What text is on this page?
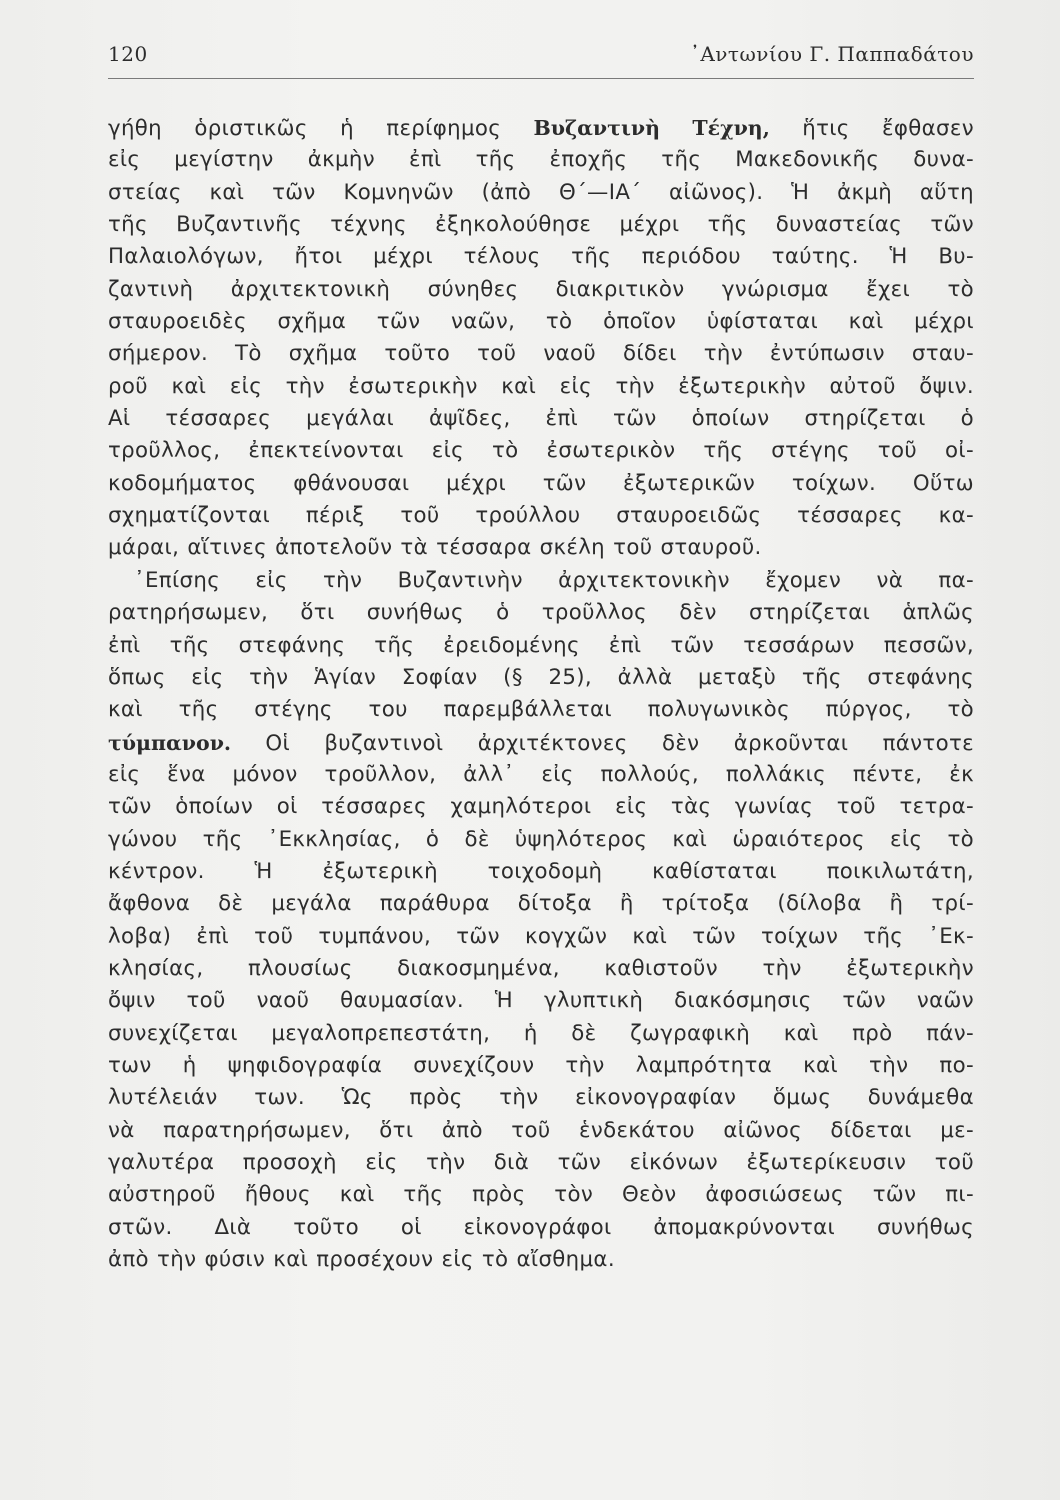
120	᾿Αντωνίου Γ. Παππαδάτου
γήθη ὁριστικῶς ἡ περίφημος Βυζαντινὴ Τέχνη, ἥτις ἔφθασεν
εἰς μεγίστην ἀκμὴν ἐπὶ τῆς ἐποχῆς τῆς Μακεδονικῆς δυνα-
στείας καὶ τῶν Κομνηνῶν (ἀπὸ Θ΄—ΙΑ΄ αἰῶνος). Ἡ ἀκμὴ αὕτη
τῆς Βυζαντινῆς τέχνης ἐξηκολούθησε μέχρι τῆς δυναστείας τῶν
Παλαιολόγων, ἤτοι μέχρι τέλους τῆς περιόδου ταύτης. Ἡ Βυ-
ζαντινὴ ἀρχιτεκτονικὴ σύνηθες διακριτικὸν γνώρισμα ἔχει τὸ
σταυροειδὲς σχῆμα τῶν ναῶν, τὸ ὁποῖον ὑφίσταται καὶ μέχρι
σήμερον. Τὸ σχῆμα τοῦτο τοῦ ναοῦ δίδει τὴν ἐντύπωσιν σταυ-
ροῦ καὶ εἰς τὴν ἐσωτερικὴν καὶ εἰς τὴν ἐξωτερικὴν αὐτοῦ ὄψιν.
Αἱ τέσσαρες μεγάλαι ἀψῖδες, ἐπὶ τῶν ὁποίων στηρίζεται ὁ
τροῦλλος, ἐπεκτείνονται εἰς τὸ ἐσωτερικὸν τῆς στέγης τοῦ οἰ-
κοδομήματος φθάνουσαι μέχρι τῶν ἐξωτερικῶν τοίχων. Οὕτω
σχηματίζονται πέριξ τοῦ τρούλλου σταυροειδῶς τέσσαρες κα-
μάραι, αἵτινες ἀποτελοῦν τὰ τέσσαρα σκέλη τοῦ σταυροῦ.
᾿Επίσης εἰς τὴν Βυζαντινὴν ἀρχιτεκτονικὴν ἔχομεν νὰ πα-
ρατηρήσωμεν, ὅτι συνήθως ὁ τροῦλλος δὲν στηρίζεται ἁπλῶς
ἐπὶ τῆς στεφάνης τῆς ἐρειδομένης ἐπὶ τῶν τεσσάρων πεσσῶν,
ὅπως εἰς τὴν Ἁγίαν Σοφίαν (§ 25), ἀλλὰ μεταξὺ τῆς στεφάνης
καὶ τῆς στέγης του παρεμβάλλεται πολυγωνικὸς πύργος, τὸ
τύμπανον. Οἱ βυζαντινοὶ ἀρχιτέκτονες δὲν ἀρκοῦνται πάντοτε
εἰς ἕνα μόνον τροῦλλον, ἀλλ᾿ εἰς πολλούς, πολλάκις πέντε, ἐκ
τῶν ὁποίων οἱ τέσσαρες χαμηλότεροι εἰς τὰς γωνίας τοῦ τετρα-
γώνου τῆς ᾿Εκκλησίας, ὁ δὲ ὑψηλότερος καὶ ὡραιότερος εἰς τὸ
κέντρον. Ἡ ἐξωτερικὴ τοιχοδομὴ καθίσταται ποικιλωτάτη,
ἄφθονα δὲ μεγάλα παράθυρα δίτοξα ἢ τρίτοξα (δίλοβα ἢ τρί-
λοβα) ἐπὶ τοῦ τυμπάνου, τῶν κογχῶν καὶ τῶν τοίχων τῆς ᾿Εκ-
κλησίας, πλουσίως διακοσμημένα, καθιστοῦν τὴν ἐξωτερικὴν
ὄψιν τοῦ ναοῦ θαυμασίαν. Ἡ γλυπτικὴ διακόσμησις τῶν ναῶν
συνεχίζεται μεγαλοπρεπεστάτη, ἡ δὲ ζωγραφικὴ καὶ πρὸ πάν-
των ἡ ψηφιδογραφία συνεχίζουν τὴν λαμπρότητα καὶ τὴν πο-
λυτέλειάν των. Ὡς πρὸς τὴν εἰκονογραφίαν ὅμως δυνάμεθα
νὰ παρατηρήσωμεν, ὅτι ἀπὸ τοῦ ἑνδεκάτου αἰῶνος δίδεται με-
γαλυτέρα προσοχὴ εἰς τὴν διὰ τῶν εἰκόνων ἐξωτερίκευσιν τοῦ
αὐστηροῦ ἤθους καὶ τῆς πρὸς τὸν Θεὸν ἀφοσιώσεως τῶν πι-
στῶν. Διὰ τοῦτο οἱ εἰκονογράφοι ἀπομακρύνονται συνήθως
ἀπὸ τὴν φύσιν καὶ προσέχουν εἰς τὸ αἴσθημα.
